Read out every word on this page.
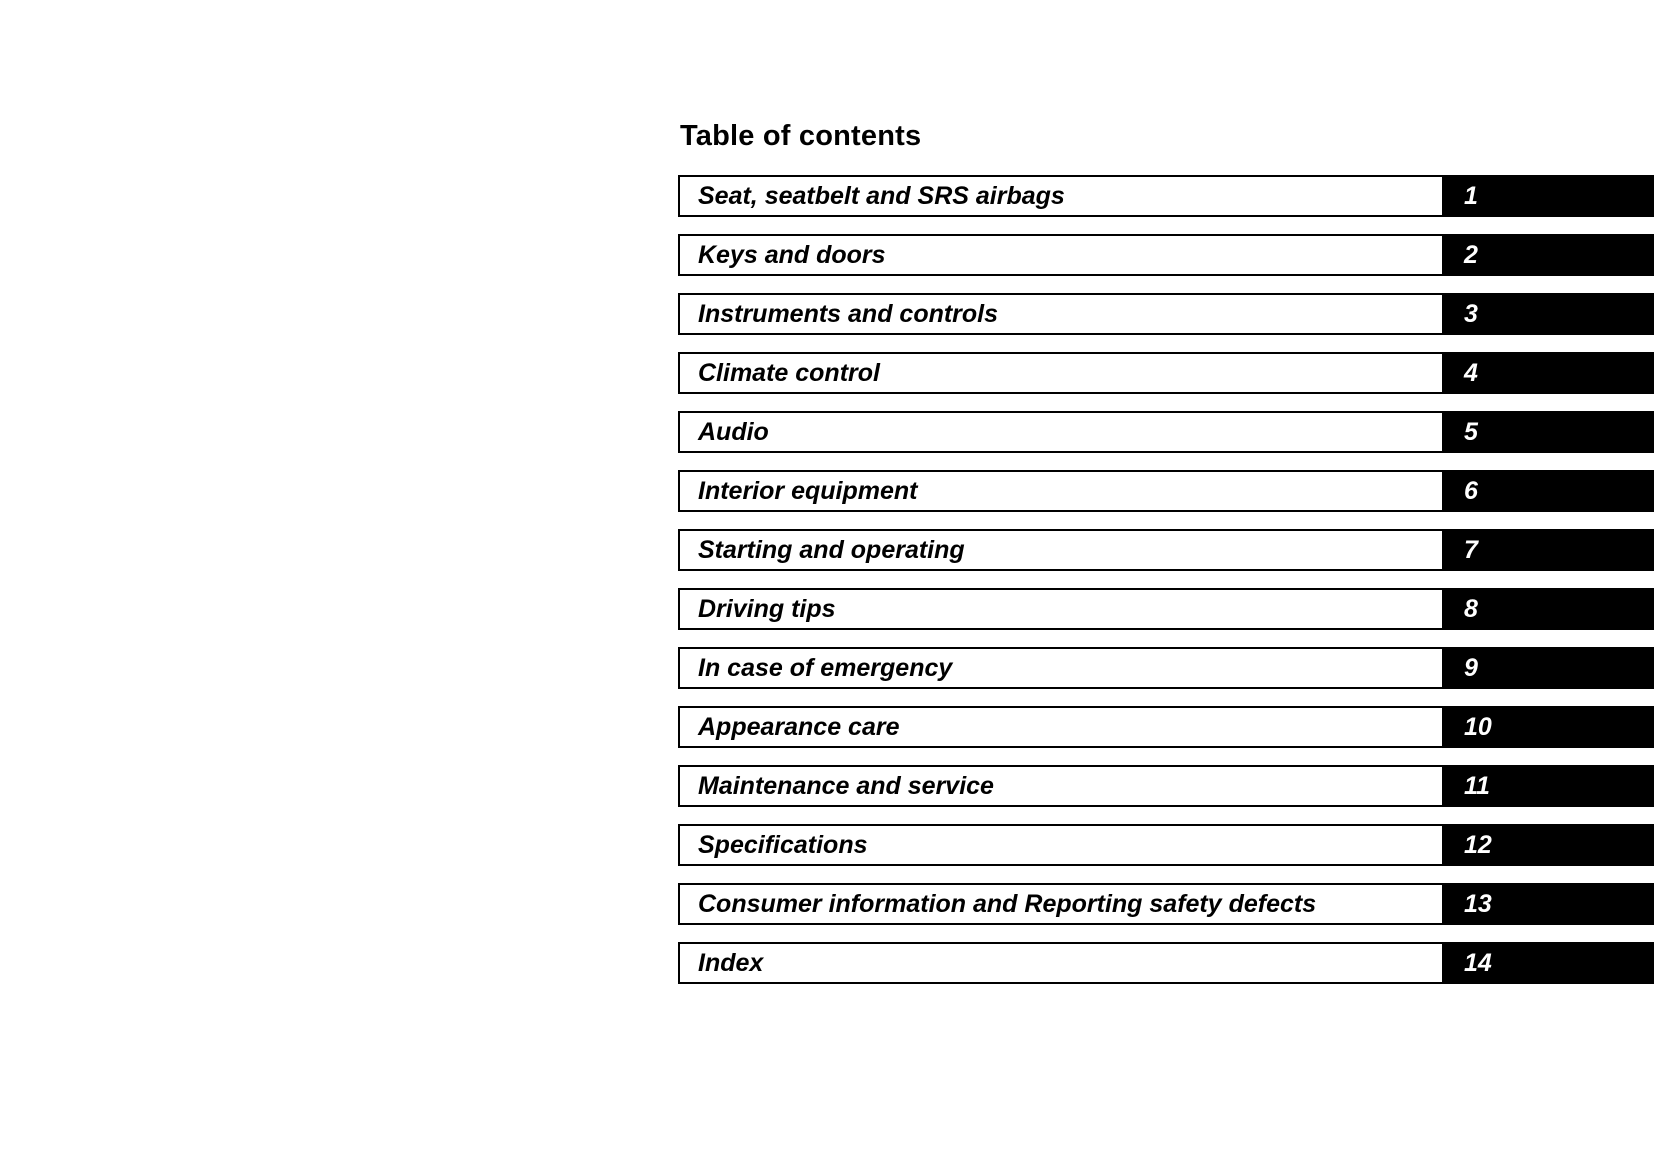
Table of contents
Seat, seatbelt and SRS airbags	1
Keys and doors	2
Instruments and controls	3
Climate control	4
Audio	5
Interior equipment	6
Starting and operating	7
Driving tips	8
In case of emergency	9
Appearance care	10
Maintenance and service	11
Specifications	12
Consumer information and Reporting safety defects	13
Index	14
